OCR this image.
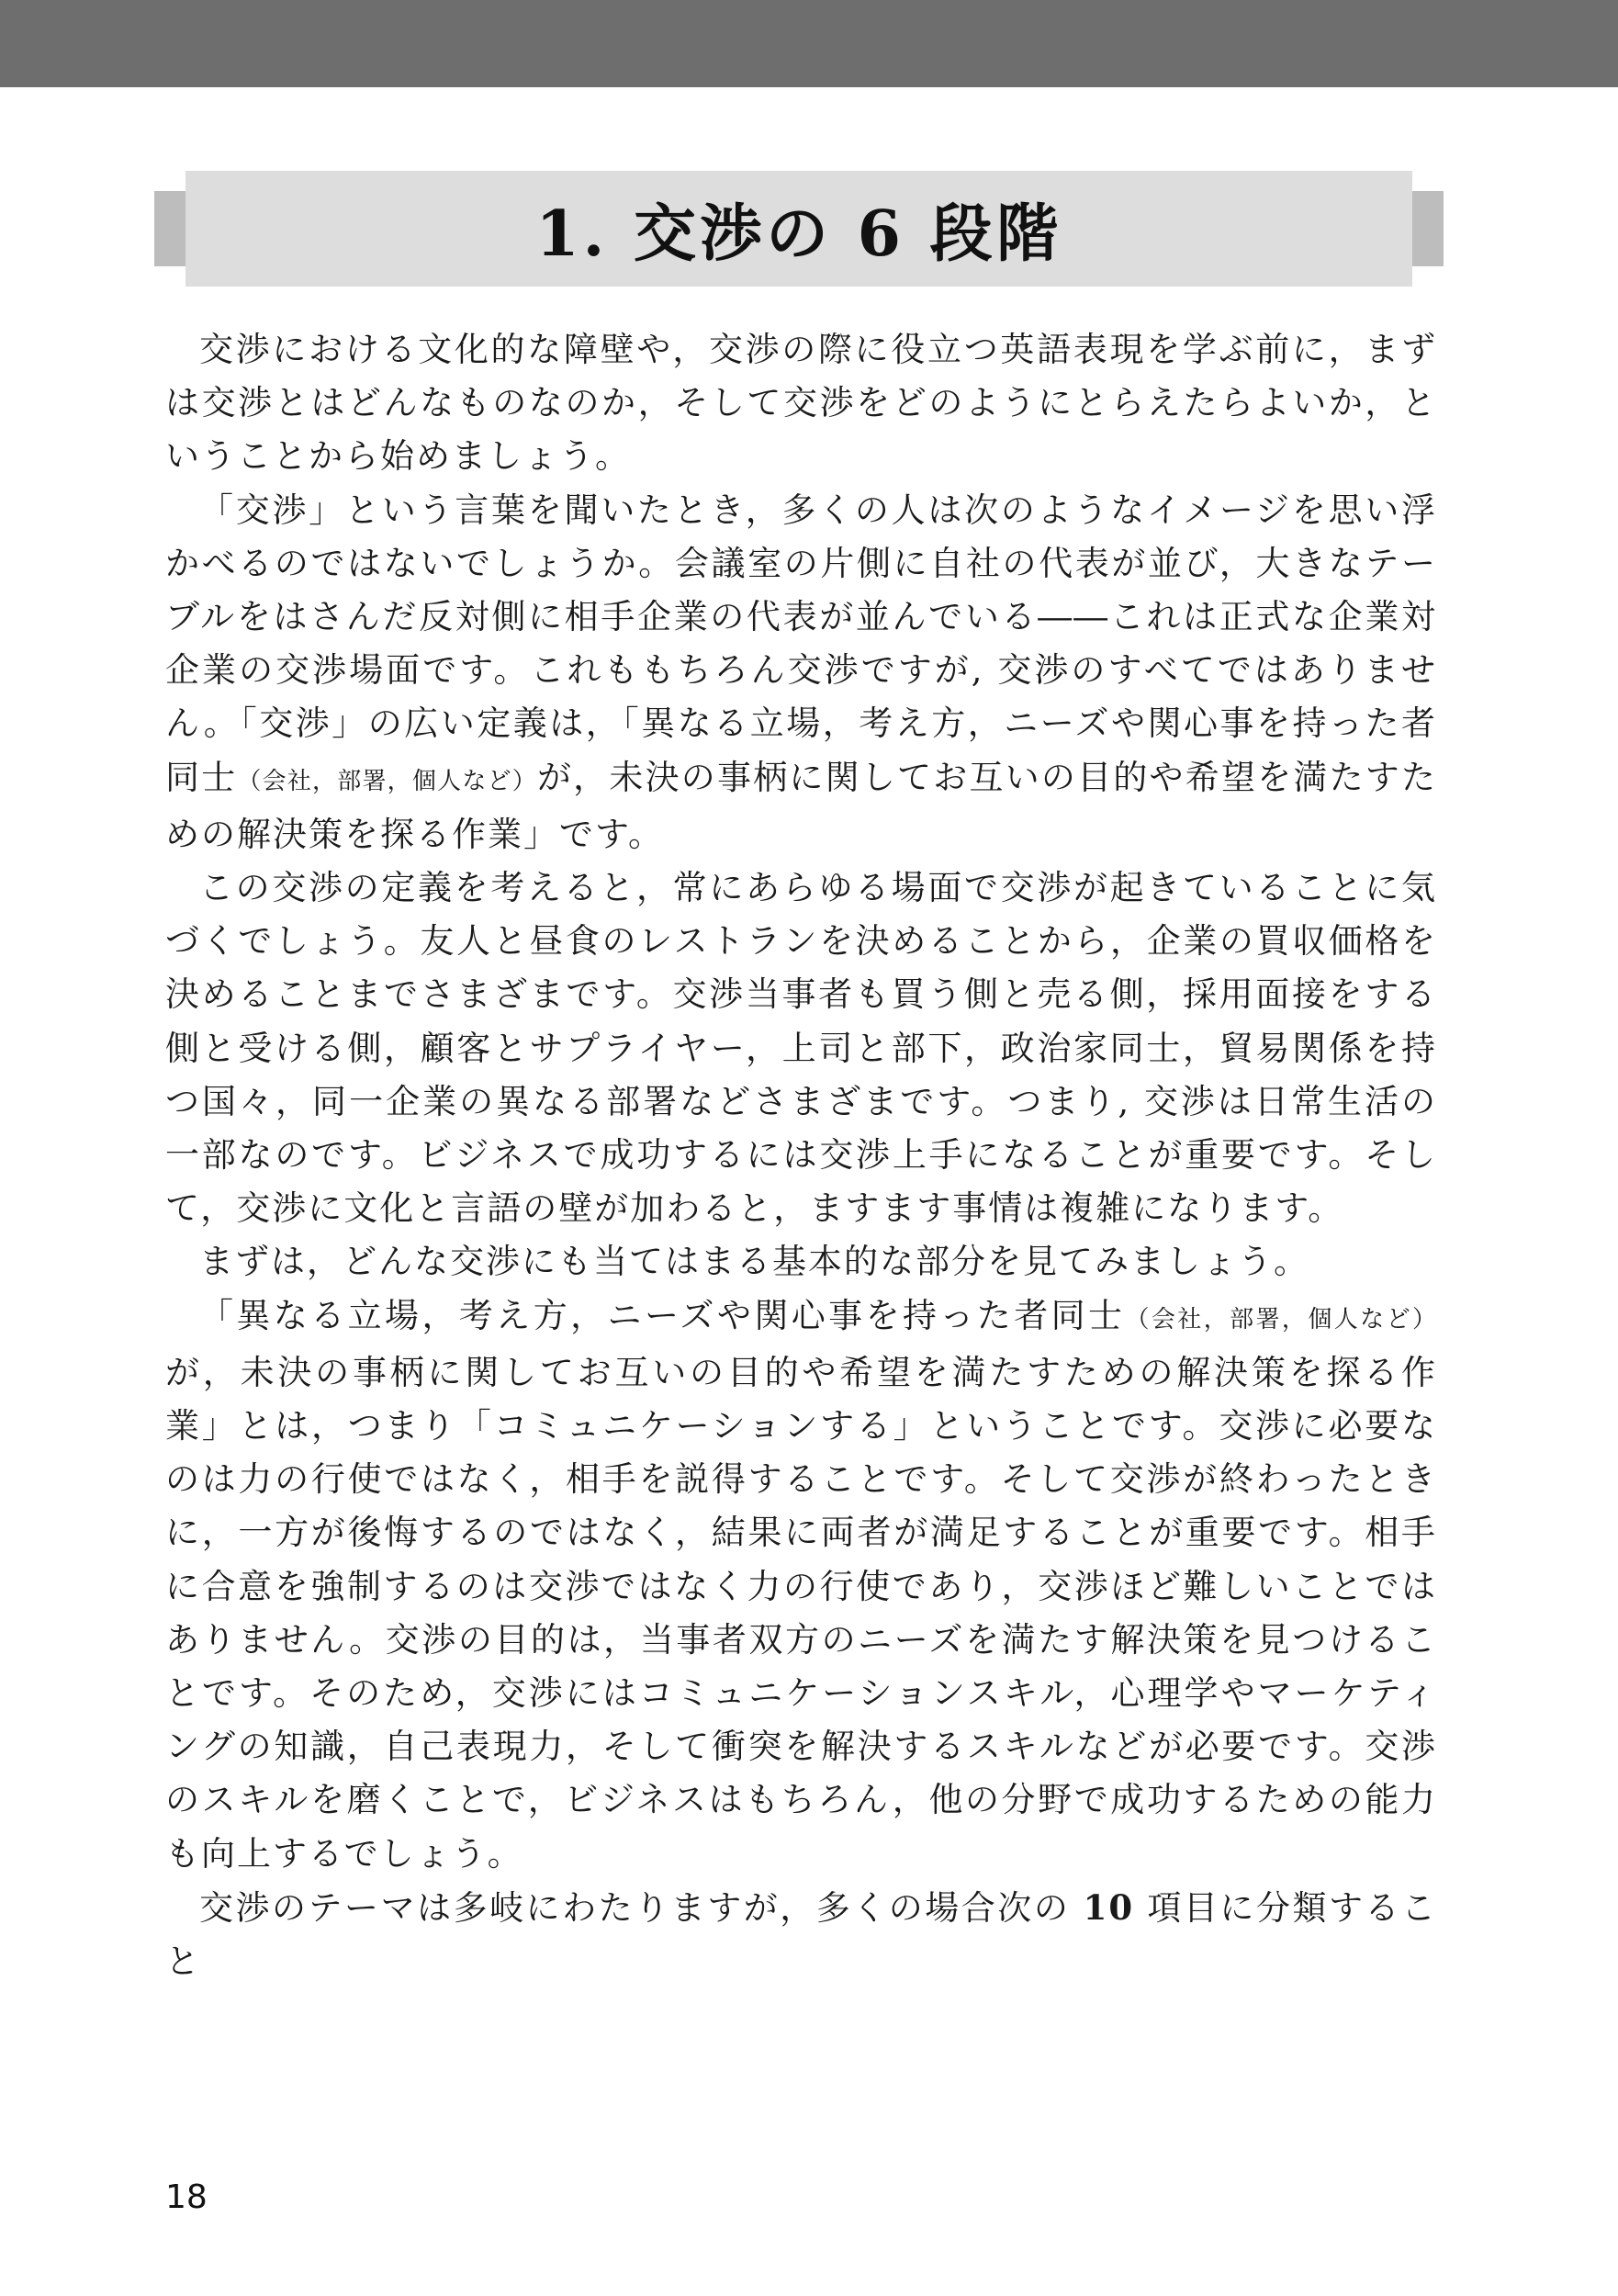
1. 交渉の 6 段階

交渉における文化的な障壁や，交渉の際に役立つ英語表現を学ぶ前に，まずは交渉とはどんなものなのか，そして交渉をどのようにとらえたらよいか，ということから始めましょう。

「交渉」という言葉を聞いたとき，多くの人は次のようなイメージを思い浮かべるのではないでしょうか。会議室の片側に自社の代表が並び，大きなテーブルをはさんだ反対側に相手企業の代表が並んでいる――これは正式な企業対企業の交渉場面です。これももちろん交渉ですが, 交渉のすべてではありません。「交渉」の広い定義は，「異なる立場，考え方，ニーズや関心事を持った者同士（会社，部署，個人など）が，未決の事柄に関してお互いの目的や希望を満たすための解決策を探る作業」です。

この交渉の定義を考えると，常にあらゆる場面で交渉が起きていることに気づくでしょう。友人と昼食のレストランを決めることから，企業の買収価格を決めることまでさまざまです。交渉当事者も買う側と売る側，採用面接をする側と受ける側，顧客とサプライヤー，上司と部下，政治家同士，貿易関係を持つ国々，同一企業の異なる部署などさまざまです。つまり, 交渉は日常生活の一部なのです。ビジネスで成功するには交渉上手になることが重要です。そして，交渉に文化と言語の壁が加わると，ますます事情は複雑になります。

まずは，どんな交渉にも当てはまる基本的な部分を見てみましょう。

「異なる立場，考え方，ニーズや関心事を持った者同士（会社，部署，個人など）が，未決の事柄に関してお互いの目的や希望を満たすための解決策を探る作業」とは，つまり「コミュニケーションする」ということです。交渉に必要なのは力の行使ではなく，相手を説得することです。そして交渉が終わったときに，一方が後悔するのではなく，結果に両者が満足することが重要です。相手に合意を強制するのは交渉ではなく力の行使であり，交渉ほど難しいことではありません。交渉の目的は，当事者双方のニーズを満たす解決策を見つけることです。そのため，交渉にはコミュニケーションスキル，心理学やマーケティングの知識，自己表現力，そして衝突を解決するスキルなどが必要です。交渉のスキルを磨くことで，ビジネスはもちろん，他の分野で成功するための能力も向上するでしょう。

交渉のテーマは多岐にわたりますが，多くの場合次の 10 項目に分類すること

18
